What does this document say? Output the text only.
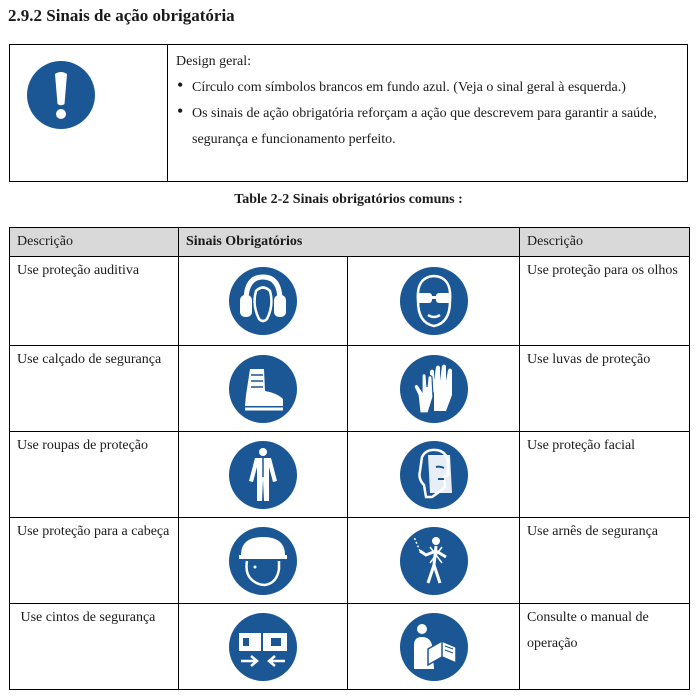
2.9.2 Sinais de ação obrigatória
Design geral:
• Círculo com símbolos brancos em fundo azul. (Veja o sinal geral à esquerda.)
• Os sinais de ação obrigatória reforçam a ação que descrevem para garantir a saúde, segurança e funcionamento perfeito.
Table 2-2 Sinais obrigatórios comuns :
Descrição	Sinais Obrigatórios		Descrição
Use proteção auditiva			Use proteção para os olhos
Use calçado de segurança			Use luvas de proteção
Use roupas de proteção			Use proteção facial
Use proteção para a cabeça			Use arnês de segurança
Use cintos de segurança			Consulte o manual de operação
